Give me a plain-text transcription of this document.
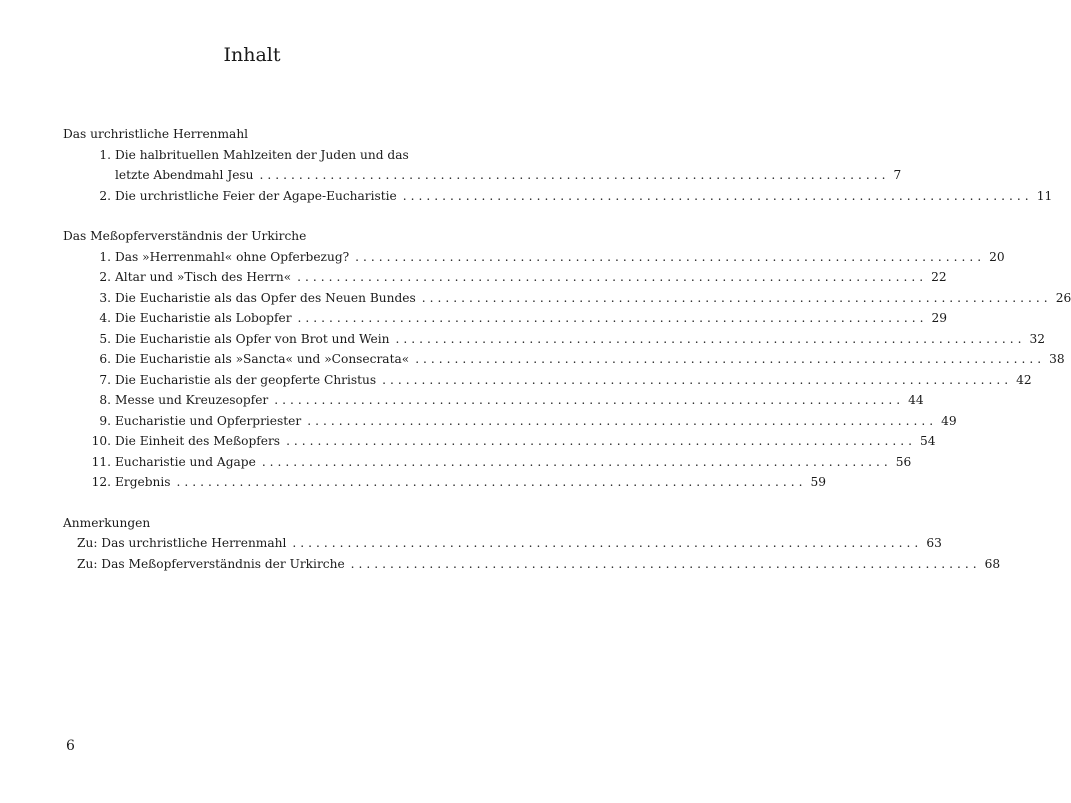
Inhalt
Das urchristliche Herrenmahl
1. Die halbrituellen Mahlzeiten der Juden und das
letzte Abendmahl Jesu ................................................................................ 7
2. Die urchristliche Feier der Agape-Eucharistie ................................................................................ 11
Das Meßopferverständnis der Urkirche
1. Das »Herrenmahl« ohne Opferbezug? ................................................................................ 20
2. Altar und »Tisch des Herrn« ................................................................................ 22
3. Die Eucharistie als das Opfer des Neuen Bundes ................................................................................ 26
4. Die Eucharistie als Lobopfer ................................................................................ 29
5. Die Eucharistie als Opfer von Brot und Wein ................................................................................ 32
6. Die Eucharistie als »Sancta« und »Consecrata« ................................................................................ 38
7. Die Eucharistie als der geopferte Christus ................................................................................ 42
8. Messe und Kreuzesopfer ................................................................................ 44
9. Eucharistie und Opferpriester ................................................................................ 49
10. Die Einheit des Meßopfers ................................................................................ 54
11. Eucharistie und Agape ................................................................................ 56
12. Ergebnis ................................................................................ 59
Anmerkungen
Zu: Das urchristliche Herrenmahl ................................................................................ 63
Zu: Das Meßopferverständnis der Urkirche ................................................................................ 68
6
